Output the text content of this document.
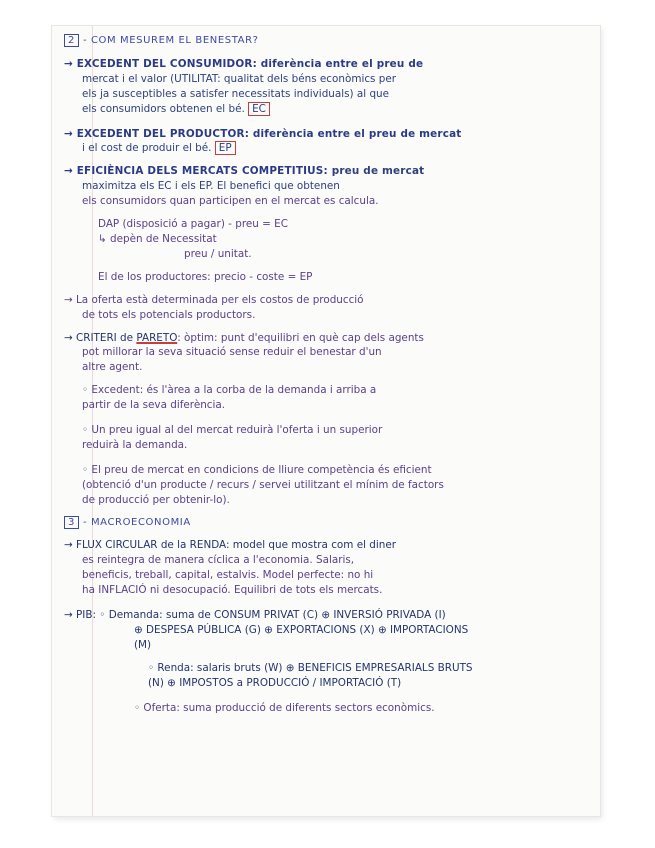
2 - COM MESUREM EL BENESTAR?
→ EXCEDENT DEL CONSUMIDOR: diferència entre el preu de
mercat i el valor (UTILITAT: qualitat dels béns econòmics per
els ja susceptibles a satisfer necessitats individuals) al que
els consumidors obtenen el bé. EC
→ EXCEDENT DEL PRODUCTOR: diferència entre el preu de mercat
i el cost de produir el bé. EP
→ EFICIÈNCIA DELS MERCATS COMPETITIUS: preu de mercat
maximitza els EC i els EP. El benefici que obtenen
els consumidors quan participen en el mercat es calcula.
DAP (disposició a pagar) - preu = EC
↳ depèn de Necessitat
preu / unitat.
El de los productores: precio - coste = EP
→ La oferta està determinada per els costos de producció
de tots els potencials productors.
→ CRITERI de PARETO: òptim: punt d'equilibri en què cap dels agents
pot millorar la seva situació sense reduir el benestar d'un
altre agent.
◦ Excedent: és l'àrea a la corba de la demanda i arriba a
partir de la seva diferència.
◦ Un preu igual al del mercat reduirà l'oferta i un superior
reduirà la demanda.
◦ El preu de mercat en condicions de lliure competència és eficient
(obtenció d'un producte / recurs / servei utilitzant el mínim de factors
de producció per obtenir-lo).
3 - MACROECONOMIA
→ FLUX CIRCULAR de la RENDA: model que mostra com el diner
es reintegra de manera cíclica a l'economia. Salaris,
beneficis, treball, capital, estalvis. Model perfecte: no hi
ha INFLACIÓ ni desocupació. Equilibri de tots els mercats.
→ PIB: ◦ Demanda: suma de CONSUM PRIVAT (C) ⊕ INVERSIÓ PRIVADA (I)
⊕ DESPESA PÚBLICA (G) ⊕ EXPORTACIONS (X) ⊕ IMPORTACIONS
(M)
◦ Renda: salaris bruts (W) ⊕ BENEFICIS EMPRESARIALS BRUTS
(N) ⊕ IMPOSTOS a PRODUCCIÓ / IMPORTACIÓ (T)
◦ Oferta: suma producció de diferents sectors econòmics.
